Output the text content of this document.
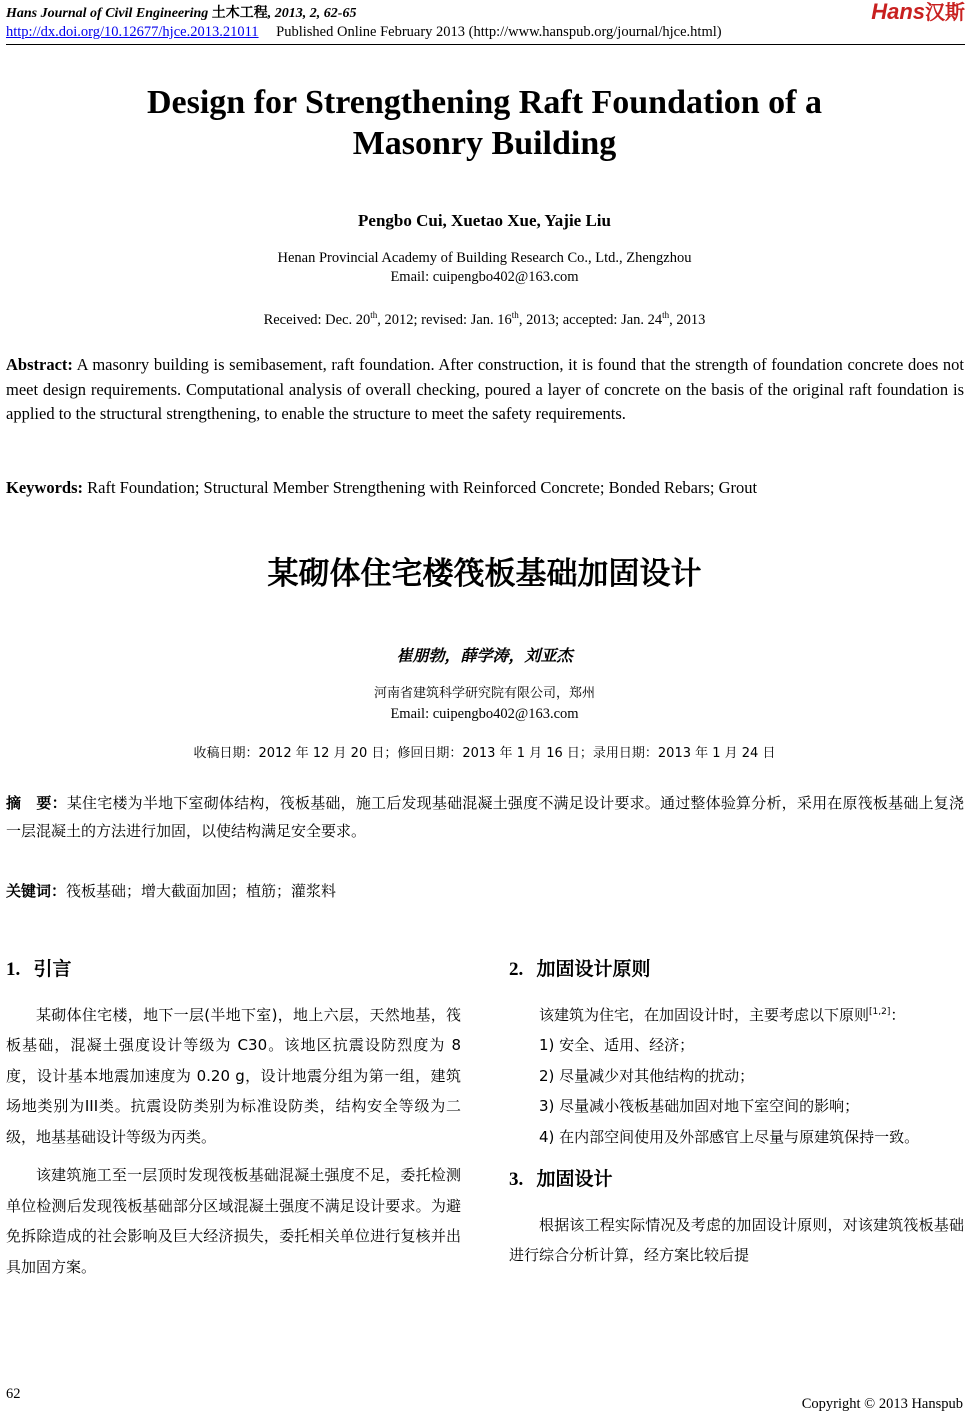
Hans Journal of Civil Engineering 土木工程, 2013, 2, 62-65
http://dx.doi.org/10.12677/hjce.2013.21011 Published Online February 2013 (http://www.hanspub.org/journal/hjce.html)
Hans汉斯
Design for Strengthening Raft Foundation of a
Masonry Building
Pengbo Cui, Xuetao Xue, Yajie Liu
Henan Provincial Academy of Building Research Co., Ltd., Zhengzhou
Email: cuipengbo402@163.com
Received: Dec. 20th, 2012; revised: Jan. 16th, 2013; accepted: Jan. 24th, 2013
Abstract: A masonry building is semibasement, raft foundation. After construction, it is found that the strength of foundation concrete does not meet design requirements. Computational analysis of overall checking, poured a layer of concrete on the basis of the original raft foundation is applied to the structural strengthening, to enable the structure to meet the safety requirements.
Keywords: Raft Foundation; Structural Member Strengthening with Reinforced Concrete; Bonded Rebars; Grout
某砌体住宅楼筏板基础加固设计
崔朋勃，薛学涛，刘亚杰
河南省建筑科学研究院有限公司，郑州
Email: cuipengbo402@163.com
收稿日期：2012 年 12 月 20 日；修回日期：2013 年 1 月 16 日；录用日期：2013 年 1 月 24 日
摘　要：某住宅楼为半地下室砌体结构，筏板基础，施工后发现基础混凝土强度不满足设计要求。通过整体验算分析，采用在原筏板基础上复浇一层混凝土的方法进行加固，以使结构满足安全要求。
关键词：筏板基础；增大截面加固；植筋；灌浆料
1. 引言

某砌体住宅楼，地下一层(半地下室)，地上六层，天然地基，筏板基础，混凝土强度设计等级为 C30。该地区抗震设防烈度为 8 度，设计基本地震加速度为 0.20 g，设计地震分组为第一组，建筑场地类别为III类。抗震设防类别为标准设防类，结构安全等级为二级，地基基础设计等级为丙类。

该建筑施工至一层顶时发现筏板基础混凝土强度不足，委托检测单位检测后发现筏板基础部分区域混凝土强度不满足设计要求。为避免拆除造成的社会影响及巨大经济损失，委托相关单位进行复核并出具加固方案。

2. 加固设计原则

该建筑为住宅，在加固设计时，主要考虑以下原则[1,2]：

1) 安全、适用、经济；

2) 尽量减少对其他结构的扰动；

3) 尽量减小筏板基础加固对地下室空间的影响；

4) 在内部空间使用及外部感官上尽量与原建筑保持一致。

3. 加固设计

根据该工程实际情况及考虑的加固设计原则，对该建筑筏板基础进行综合分析计算，经方案比较后提

62
Copyright © 2013 Hanspub
